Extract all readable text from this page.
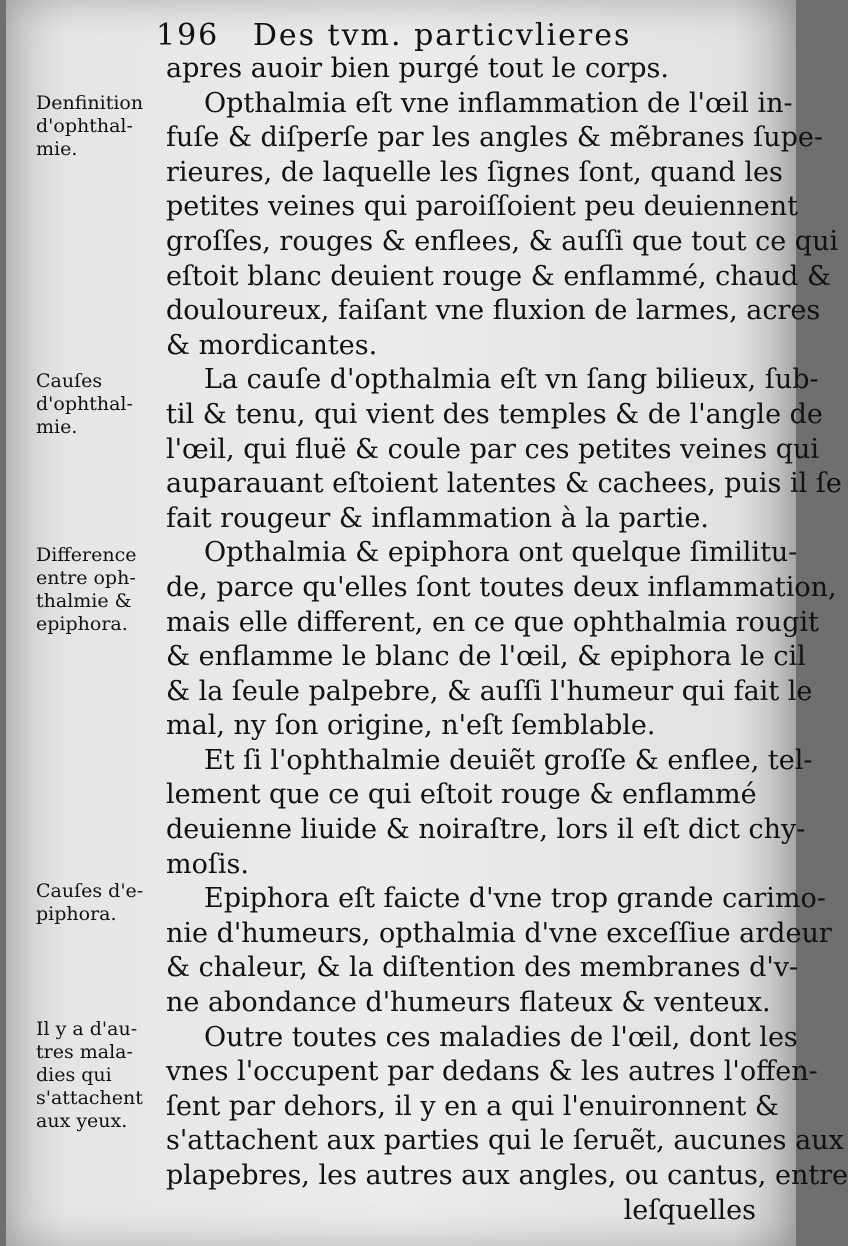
196 Des tvm. particvlieres
apres auoir bien purgé tout le corps.
Opthalmia eſt vne inflammation de l'œil in-
fuſe & diſperſe par les angles & mẽbranes ſupe-
rieures, de laquelle les ſignes ſont, quand les
petites veines qui paroiſſoient peu deuiennent
groſſes, rouges & enflees, & auſſi que tout ce qui
eſtoit blanc deuient rouge & enflammé, chaud &
douloureux, faiſant vne fluxion de larmes, acres
& mordicantes.
La cauſe d'opthalmia eſt vn ſang bilieux, ſub-
til & tenu, qui vient des temples & de l'angle de
l'œil, qui fluë & coule par ces petites veines qui
auparauant eſtoient latentes & cachees, puis il ſe
fait rougeur & inflammation à la partie.
Opthalmia & epiphora ont quelque ſimilitu-
de, parce qu'elles ſont toutes deux inflammation,
mais elle different, en ce que ophthalmia rougit
& enflamme le blanc de l'œil, & epiphora le cil
& la ſeule palpebre, & auſſi l'humeur qui fait le
mal, ny ſon origine, n'eſt ſemblable.
Et ſi l'ophthalmie deuiẽt groſſe & enflee, tel-
lement que ce qui eſtoit rouge & enflammé
deuienne liuide & noiraſtre, lors il eſt dict chy-
moſis.
Epiphora eſt faicte d'vne trop grande carimo-
nie d'humeurs, opthalmia d'vne exceſſiue ardeur
& chaleur, & la diſtention des membranes d'v-
ne abondance d'humeurs flateux & venteux.
Outre toutes ces maladies de l'œil, dont les
vnes l'occupent par dedans & les autres l'offen-
ſent par dehors, il y en a qui l'enuironnent &
s'attachent aux parties qui le ſeruẽt, aucunes aux
plapebres, les autres aux angles, ou cantus, entre
leſquelles
Denfinition
d'ophthal-
mie.
Cauſes
d'ophthal-
mie.
Difference
entre oph-
thalmie &
epiphora.
Cauſes d'e-
piphora.
Il y a d'au-
tres mala-
dies qui
s'attachent
aux yeux.
